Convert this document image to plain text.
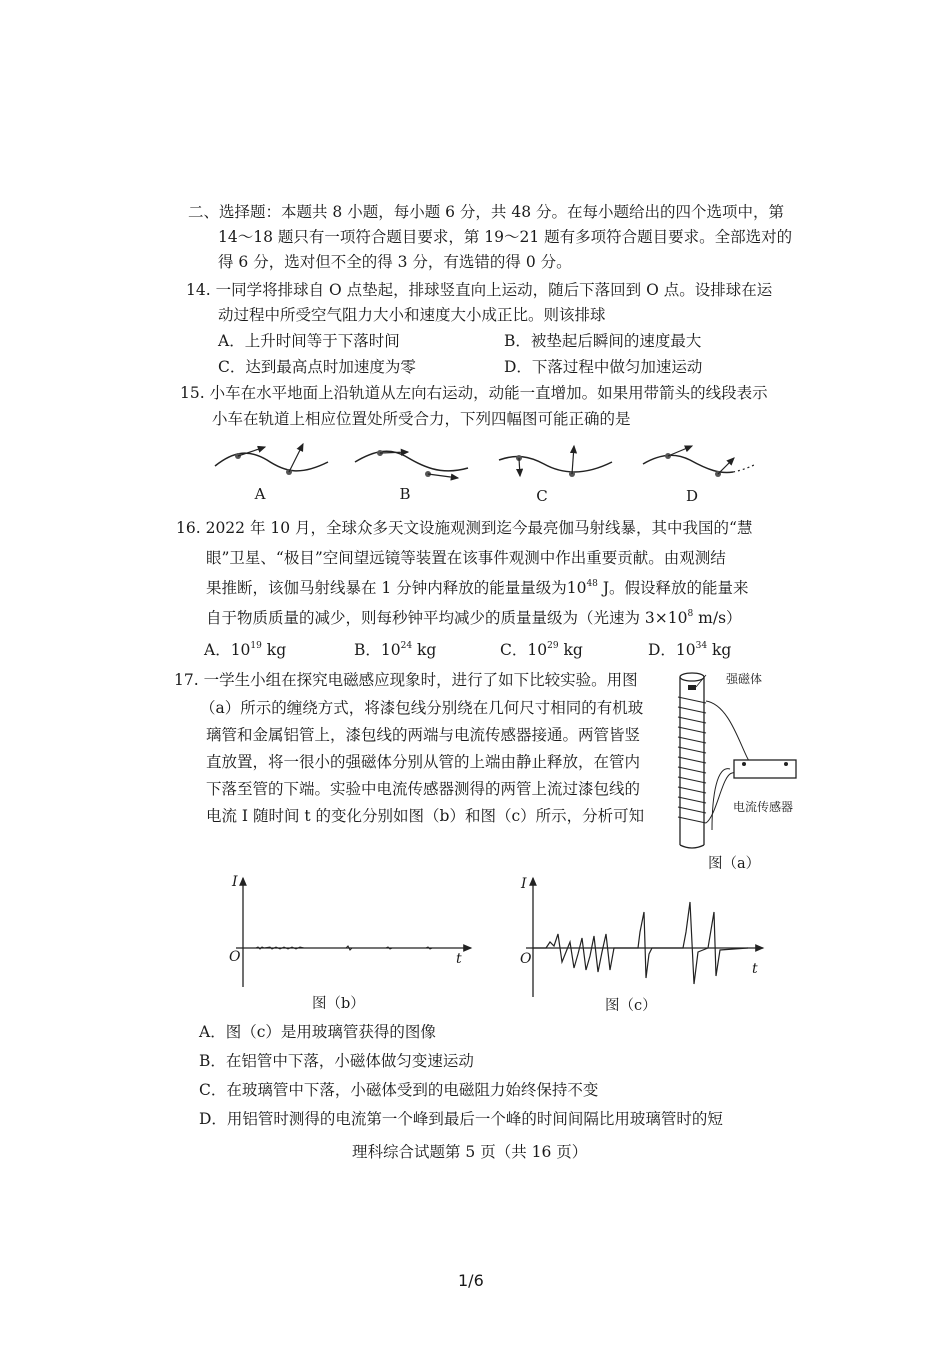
二、选择题：本题共 8 小题，每小题 6 分，共 48 分。在每小题给出的四个选项中，第
14～18 题只有一项符合题目要求，第 19～21 题有多项符合题目要求。全部选对的
得 6 分，选对但不全的得 3 分，有选错的得 0 分。
14. 一同学将排球自 O 点垫起，排球竖直向上运动，随后下落回到 O 点。设排球在运
动过程中所受空气阻力大小和速度大小成正比。则该排球
A．上升时间等于下落时间	B．被垫起后瞬间的速度最大
C．达到最高点时加速度为零	D．下落过程中做匀加速运动
15. 小车在水平地面上沿轨道从左向右运动，动能一直增加。如果用带箭头的线段表示
小车在轨道上相应位置处所受合力，下列四幅图可能正确的是
A	B	C	D
16. 2022 年 10 月，全球众多天文设施观测到迄今最亮伽马射线暴，其中我国的“慧
眼”卫星、“极目”空间望远镜等装置在该事件观测中作出重要贡献。由观测结
果推断，该伽马射线暴在 1 分钟内释放的能量量级为$10^{48}$ J。假设释放的能量来
自于物质质量的减少，则每秒钟平均减少的质量量级为（光速为 $3\times 10^8$ m/s）
A．$10^{19}$ kg	B．$10^{24}$ kg	C．$10^{29}$ kg	D．$10^{34}$ kg
17. 一学生小组在探究电磁感应现象时，进行了如下比较实验。用图
（a）所示的缠绕方式，将漆包线分别绕在几何尺寸相同的有机玻
璃管和金属铝管上，漆包线的两端与电流传感器接通。两管皆竖
直放置，将一很小的强磁体分别从管的上端由静止释放，在管内
下落至管的下端。实验中电流传感器测得的两管上流过漆包线的
电流 I 随时间 t 的变化分别如图（b）和图（c）所示，分析可知
强磁体
电流传感器
图（a）
I
O	t
图（b）
I
O
t
图（c）
A．图（c）是用玻璃管获得的图像
B．在铝管中下落，小磁体做匀变速运动
C．在玻璃管中下落，小磁体受到的电磁阻力始终保持不变
D．用铝管时测得的电流第一个峰到最后一个峰的时间间隔比用玻璃管时的短
理科综合试题第 5 页（共 16 页）
1/6
